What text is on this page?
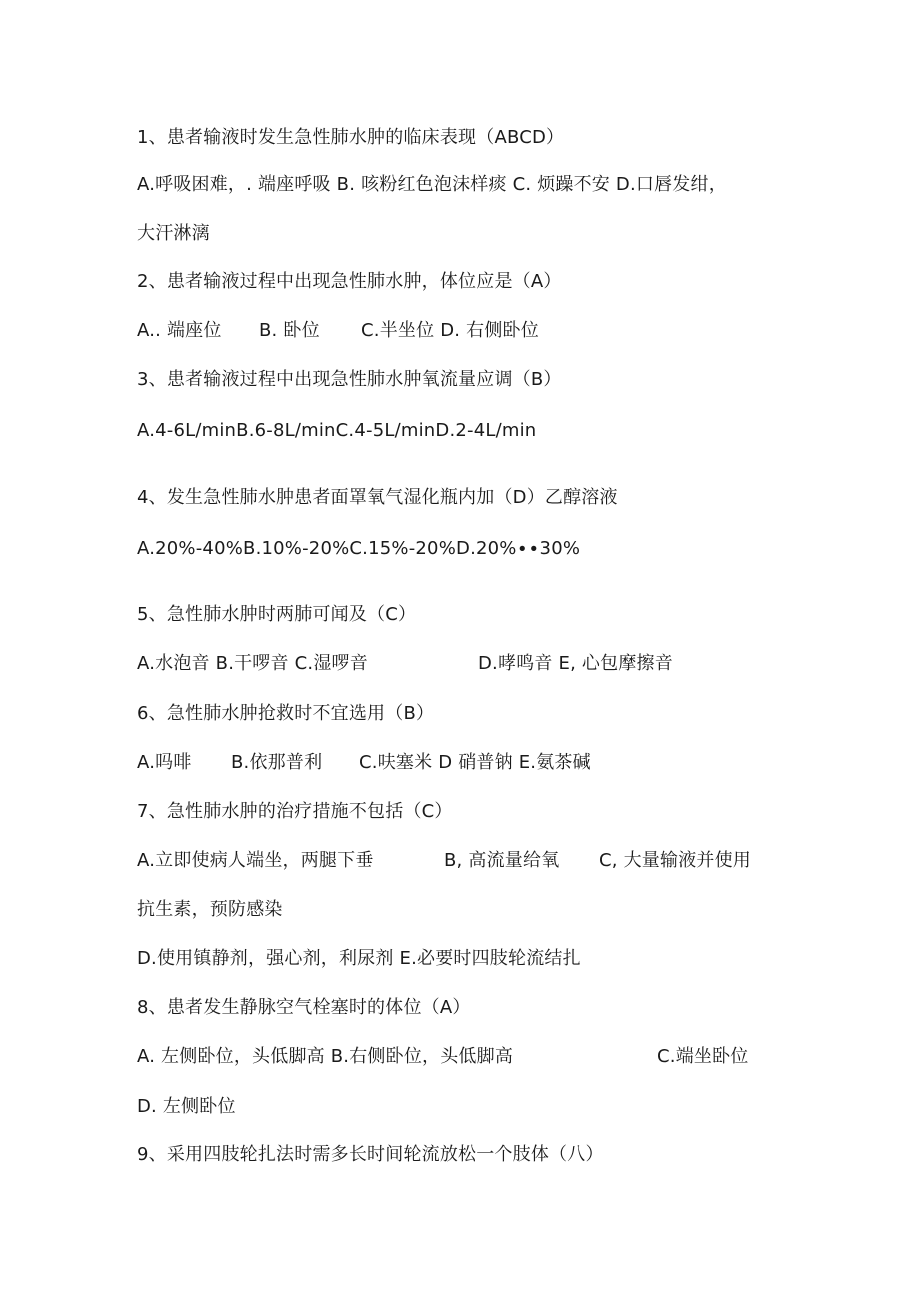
1、患者输液时发生急性肺水肿的临床表现（ABCD）
A.呼吸困难，. 端座呼吸 B. 咳粉红色泡沫样痰 C. 烦躁不安 D.口唇发绀，
大汗淋漓
2、患者输液过程中出现急性肺水肿，体位应是（A）
A.. 端座位 B. 卧位 C.半坐位 D. 右侧卧位
3、患者输液过程中出现急性肺水肿氧流量应调（B）
A.4-6L∕minB.6-8L∕minC.4-5L∕minD.2-4L∕min
4、发生急性肺水肿患者面罩氧气湿化瓶内加（D）乙醇溶液
A.20%-40%B.10%-20%C.15%-20%D.20%∙∙30%
5、急性肺水肿时两肺可闻及（C）
A.水泡音 B.干啰音 C.湿啰音	D.哮鸣音 E, 心包摩擦音
6、急性肺水肿抢救时不宜选用（B）
A.吗啡 B.依那普利 C.呋塞米 D 硝普钠 E.氨茶碱
7、急性肺水肿的治疗措施不包括（C）
A.立即使病人端坐，两腿下垂	B, 高流量给氧 C, 大量输液并使用
抗生素，预防感染
D.使用镇静剂，强心剂，利尿剂 E.必要时四肢轮流结扎
8、患者发生静脉空气栓塞时的体位（A）
A. 左侧卧位，头低脚高 B.右侧卧位，头低脚高	C.端坐卧位
D. 左侧卧位
9、采用四肢轮扎法时需多长时间轮流放松一个肢体（八）
